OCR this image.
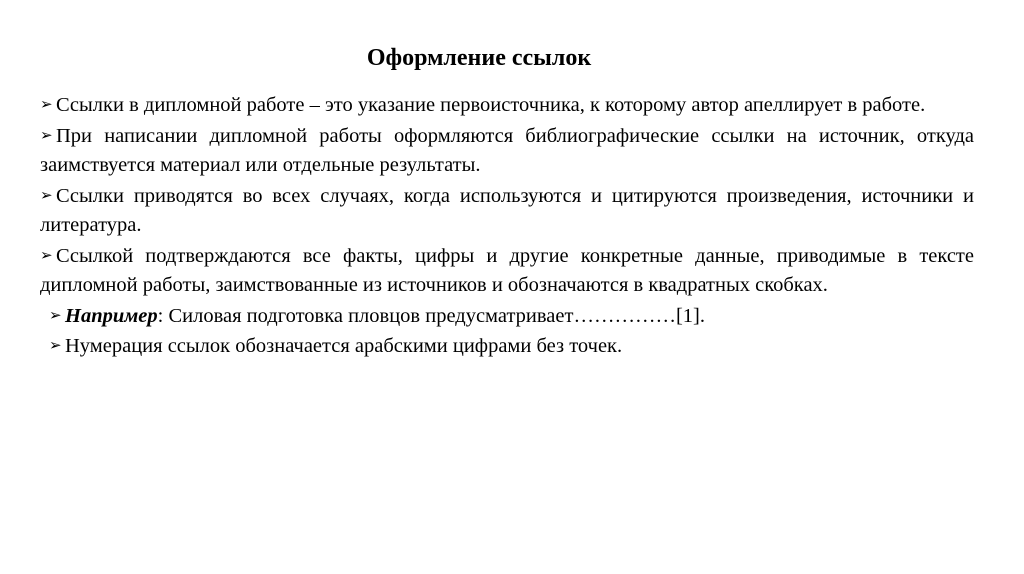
Оформление ссылок

➢ Ссылки в дипломной работе – это указание первоисточника, к которому автор апеллирует в работе.

➢ При написании дипломной работы оформляются библиографические ссылки на источник, откуда заимствуется материал или отдельные результаты.

➢ Ссылки приводятся во всех случаях, когда используются и цитируются произведения, источники и литература.

➢ Ссылкой подтверждаются все факты, цифры и другие конкретные данные, приводимые в тексте дипломной работы, заимствованные из источников и обозначаются в квадратных скобках.

➢ Например: Силовая подготовка пловцов предусматривает……………[1].

➢ Нумерация ссылок обозначается арабскими цифрами без точек.
